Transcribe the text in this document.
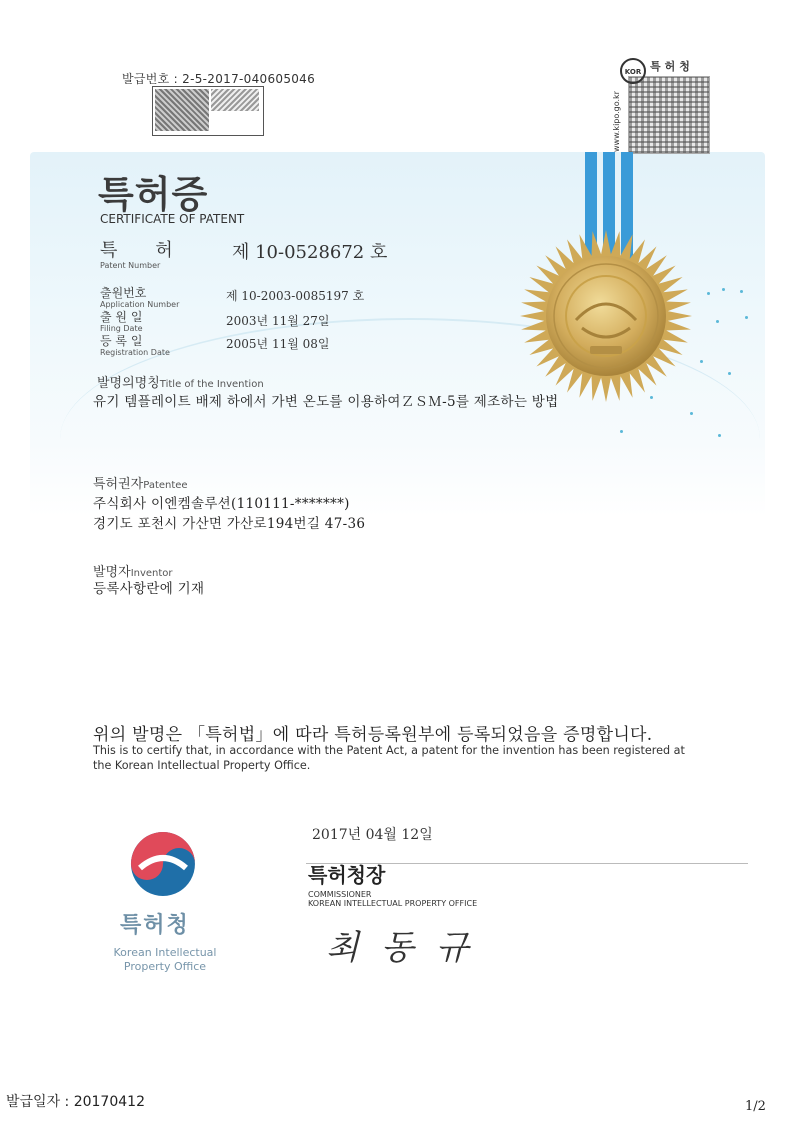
발급번호 : 2-5-2017-040605046	KOR 특허청
www.kipo.go.kr
특허증
CERTIFICATE OF PATENT
특허 제 10-0528672 호
Patent Number
출원번호
Application Number
제 10-2003-0085197 호
출 원 일
Filing Date
2003년 11월 27일
등 록 일
Registration Date
2005년 11월 08일
발명의명칭Title of the Invention
유기 템플레이트 배제 하에서 가변 온도를 이용하여ＺＳＭ-5를 제조하는 방법
특허권자Patentee
주식회사 이엔켐솔루션(110111-*******)
경기도 포천시 가산면 가산로194번길 47-36
발명자Inventor
등록사항란에 기재
위의 발명은 「특허법」에 따라 특허등록원부에 등록되었음을 증명합니다.
This is to certify that, in accordance with the Patent Act, a patent for the invention has been registered at the Korean Intellectual Property Office.
특허청
Korean Intellectual
Property Office
2017년 04월 12일
특허청장
COMMISSIONER
KOREAN INTELLECTUAL PROPERTY OFFICE
최동규
발급일자 : 20170412	1/2
